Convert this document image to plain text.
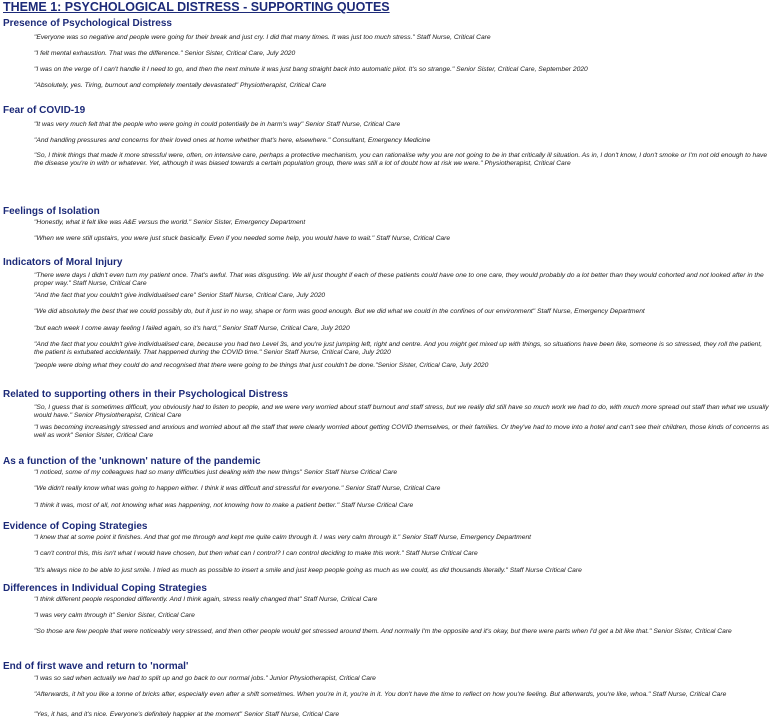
THEME 1: PSYCHOLOGICAL DISTRESS - SUPPORTING QUOTES
Presence of Psychological Distress

"Everyone was so negative and people were going for their break and just cry. I did that many times. It was just too much stress." Staff Nurse, Critical Care

"I felt mental exhaustion. That was the difference." Senior Sister, Critical Care, July 2020

"I was on the verge of I can't handle it I need to go, and then the next minute it was just bang straight back into automatic pilot. It's so strange." Senior Sister, Critical Care, September 2020

"Absolutely, yes. Tiring, burnout and completely mentally devastated" Physiotherapist, Critical Care

Fear of COVID-19

"It was very much felt that the people who were going in could potentially be in harm's way" Senior Staff Nurse, Critical Care

"And handling pressures and concerns for their loved ones at home whether that's here, elsewhere." Consultant, Emergency Medicine

"So, I think things that made it more stressful were, often, on intensive care, perhaps a protective mechanism, you can rationalise why you are not going to be in that critically ill situation. As in, I don't know, I don't smoke or I'm not old enough to have the disease you're in with or whatever. Yet, although it was biased towards a certain population group, there was still a lot of doubt how at risk we were." Physiotherapist, Critical Care

Feelings of Isolation

"Honestly, what it felt like was A&E versus the world." Senior Sister, Emergency Department

"When we were still upstairs, you were just stuck basically. Even if you needed some help, you would have to wait." Staff Nurse, Critical Care

Indicators of Moral Injury

"There were days I didn't even turn my patient once. That's awful. That was disgusting. We all just thought if each of these patients could have one to one care, they would probably do a lot better than they would cohorted and not looked after in the proper way." Staff Nurse, Critical Care

"And the fact that you couldn't give individualised care" Senior Staff Nurse, Critical Care, July 2020

"We did absolutely the best that we could possibly do, but it just in no way, shape or form was good enough. But we did what we could in the confines of our environment" Staff Nurse, Emergency Department

"but each week I come away feeling I failed again, so it's hard," Senior Staff Nurse, Critical Care, July 2020

"And the fact that you couldn't give individualised care, because you had two Level 3s, and you're just jumping left, right and centre. And you might get mixed up with things, so situations have been like, someone is so stressed, they roll the patient, the patient is extubated accidentally. That happened during the COVID time." Senior Staff Nurse, Critical Care, July 2020

"people were doing what they could do and recognised that there were going to be things that just couldn't be done."Senior Sister, Critical Care, July 2020

Related to supporting others in their Psychological Distress

"So, I guess that is sometimes difficult, you obviously had to listen to people, and we were very worried about staff burnout and staff stress, but we really did still have so much work we had to do, with much more spread out staff than what we usually would have." Senior Physiotherapist, Critical Care

"I was becoming increasingly stressed and anxious and worried about all the staff that were clearly worried about getting COVID themselves, or their families. Or they've had to move into a hotel and can't see their children, those kinds of concerns as well as work" Senior Sister, Critical Care

As a function of the 'unknown' nature of the pandemic

"I noticed, some of my colleagues had so many difficulties just dealing with the new things" Senior Staff Nurse Critical Care

"We didn't really know what was going to happen either. I think it was difficult and stressful for everyone." Senior Staff Nurse, Critical Care

"I think it was, most of all, not knowing what was happening, not knowing how to make a patient better." Staff Nurse Critical Care

Evidence of Coping Strategies

"I knew that at some point it finishes. And that got me through and kept me quite calm through it. I was very calm through it." Senior Staff Nurse, Emergency Department

"I can't control this, this isn't what I would have chosen, but then what can I control? I can control deciding to make this work." Staff Nurse Critical Care

"It's always nice to be able to just smile. I tried as much as possible to insert a smile and just keep people going as much as we could, as did thousands literally." Staff Nurse Critical Care

Differences in Individual Coping Strategies

"I think different people responded differently. And I think again, stress really changed that" Staff Nurse, Critical Care

"I was very calm through it" Senior Sister, Critical Care

"So those are few people that were noticeably very stressed, and then other people would get stressed around them. And normally I'm the opposite and it's okay, but there were parts when I'd get a bit like that." Senior Sister, Critical Care

End of first wave and return to 'normal'

"I was so sad when actually we had to split up and go back to our normal jobs." Junior Physiotherapist, Critical Care

"Afterwards, it hit you like a tonne of bricks after, especially even after a shift sometimes. When you're in it, you're in it. You don't have the time to reflect on how you're feeling. But afterwards, you're like, whoa." Staff Nurse, Critical Care

"Yes, it has, and it's nice. Everyone's definitely happier at the moment" Senior Staff Nurse, Critical Care
